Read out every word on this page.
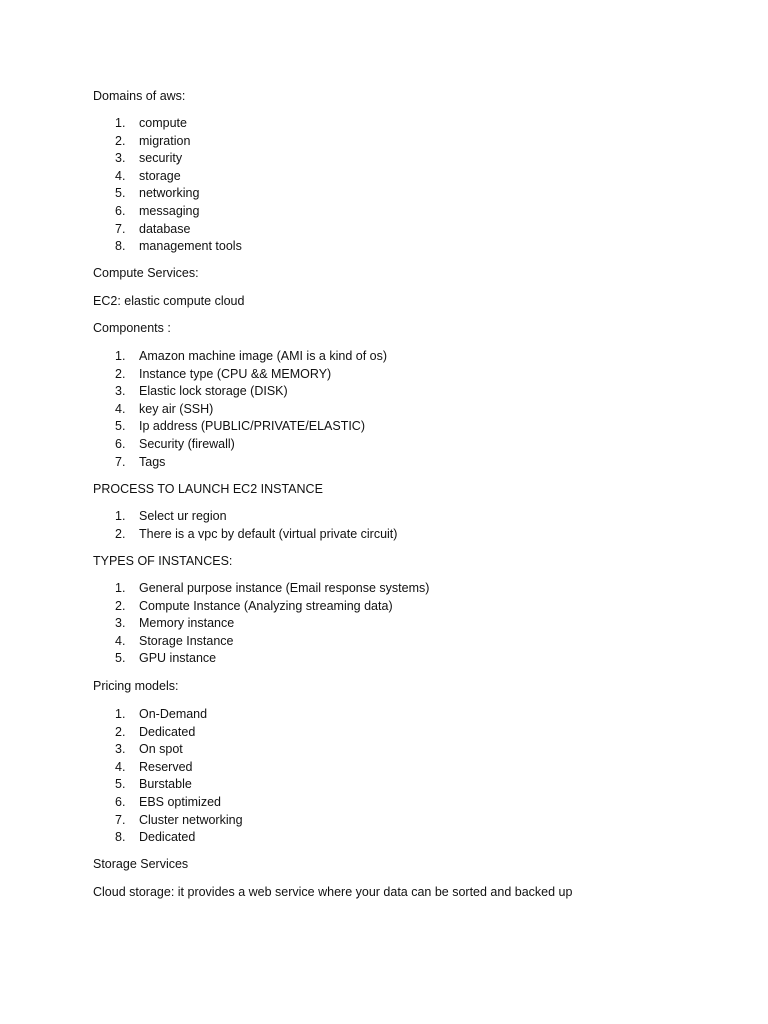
Domains of aws:
1.	compute
2.	migration
3.	security
4.	storage
5.	networking
6.	messaging
7.	database
8.	management tools
Compute Services:
EC2: elastic compute cloud
Components :
1.	Amazon machine image (AMI is a kind of os)
2.	Instance type (CPU && MEMORY)
3.	Elastic lock storage (DISK)
4.	key air (SSH)
5.	Ip address (PUBLIC/PRIVATE/ELASTIC)
6.	Security (firewall)
7.	Tags
PROCESS TO LAUNCH EC2 INSTANCE
1.	Select ur region
2.	There is a vpc by default (virtual private circuit)
TYPES OF INSTANCES:
1.	General purpose instance (Email response systems)
2.	Compute Instance (Analyzing streaming data)
3.	Memory instance
4.	Storage Instance
5.	GPU instance
Pricing models:
1.	On-Demand
2.	Dedicated
3.	On spot
4.	Reserved
5.	Burstable
6.	EBS optimized
7.	Cluster networking
8.	Dedicated
Storage Services
Cloud storage: it provides a web service where your data can be sorted and backed up
